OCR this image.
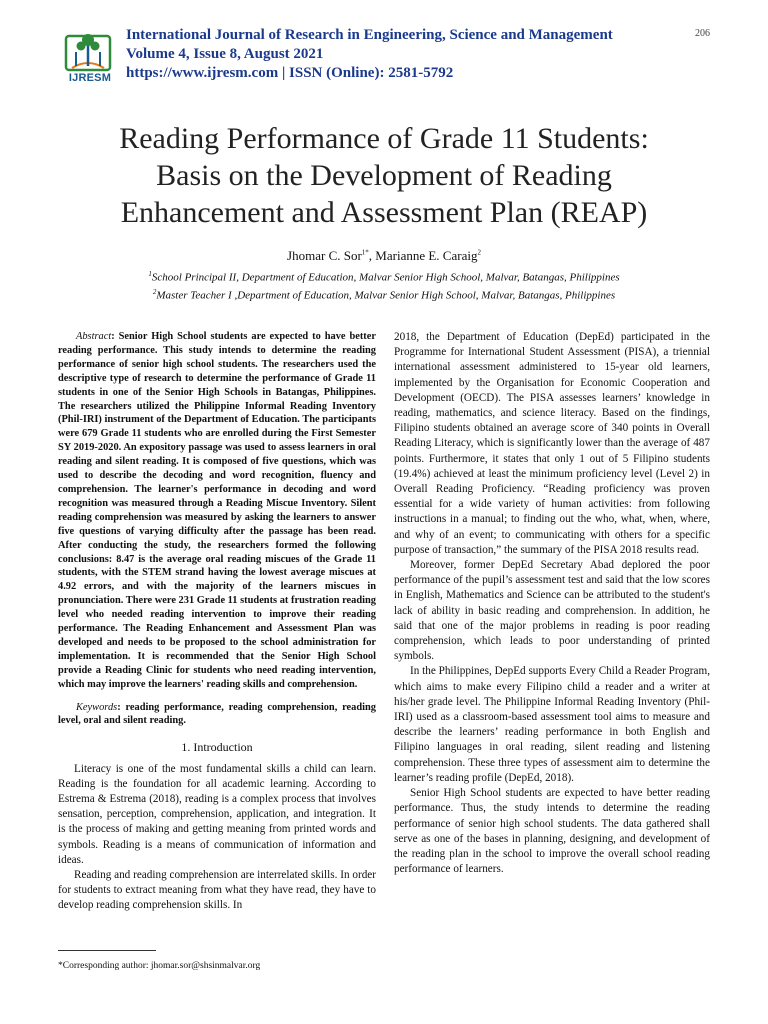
IJRESM
International Journal of Research in Engineering, Science and Management
Volume 4, Issue 8, August 2021
https://www.ijresm.com | ISSN (Online): 2581-5792
206
Reading Performance of Grade 11 Students:
Basis on the Development of Reading
Enhancement and Assessment Plan (REAP)
Jhomar C. Sor$^{1*}$, Marianne E. Caraig$^2$
$^1$School Principal II, Department of Education, Malvar Senior High School, Malvar, Batangas, Philippines
$^2$Master Teacher I ,Department of Education, Malvar Senior High School, Malvar, Batangas, Philippines

Abstract: Senior High School students are expected to have better reading performance. This study intends to determine the reading performance of senior high school students. The researchers used the descriptive type of research to determine the performance of Grade 11 students in one of the Senior High Schools in Batangas, Philippines. The researchers utilized the Philippine Informal Reading Inventory (Phil-IRI) instrument of the Department of Education. The participants were 679 Grade 11 students who are enrolled during the First Semester SY 2019-2020. An expository passage was used to assess learners in oral reading and silent reading. It is composed of five questions, which was used to describe the decoding and word recognition, fluency and comprehension. The learner's performance in decoding and word recognition was measured through a Reading Miscue Inventory. Silent reading comprehension was measured by asking the learners to answer five questions of varying difficulty after the passage has been read. After conducting the study, the researchers formed the following conclusions: 8.47 is the average oral reading miscues of the Grade 11 students, with the STEM strand having the lowest average miscues at 4.92 errors, and with the majority of the learners miscues in pronunciation. There were 231 Grade 11 students at frustration reading level who needed reading intervention to improve their reading performance. The Reading Enhancement and Assessment Plan was developed and needs to be proposed to the school administration for implementation. It is recommended that the Senior High School provide a Reading Clinic for students who need reading intervention, which may improve the learners' reading skills and comprehension.

Keywords: reading performance, reading comprehension, reading level, oral and silent reading.

1. Introduction

Literacy is one of the most fundamental skills a child can learn. Reading is the foundation for all academic learning. According to Estrema & Estrema (2018), reading is a complex process that involves sensation, perception, comprehension, application, and integration. It is the process of making and getting meaning from printed words and symbols. Reading is a means of communication of information and ideas.

Reading and reading comprehension are interrelated skills. In order for students to extract meaning from what they have read, they have to develop reading comprehension skills. In

2018, the Department of Education (DepEd) participated in the Programme for International Student Assessment (PISA), a triennial international assessment administered to 15-year old learners, implemented by the Organisation for Economic Cooperation and Development (OECD). The PISA assesses learners’ knowledge in reading, mathematics, and science literacy. Based on the findings, Filipino students obtained an average score of 340 points in Overall Reading Literacy, which is significantly lower than the average of 487 points. Furthermore, it states that only 1 out of 5 Filipino students (19.4%) achieved at least the minimum proficiency level (Level 2) in Overall Reading Proficiency. “Reading proficiency was proven essential for a wide variety of human activities: from following instructions in a manual; to finding out the who, what, when, where, and why of an event; to communicating with others for a specific purpose of transaction,” the summary of the PISA 2018 results read.

Moreover, former DepEd Secretary Abad deplored the poor performance of the pupil’s assessment test and said that the low scores in English, Mathematics and Science can be attributed to the student's lack of ability in basic reading and comprehension. In addition, he said that one of the major problems in reading is poor reading comprehension, which leads to poor understanding of printed symbols.

In the Philippines, DepEd supports Every Child a Reader Program, which aims to make every Filipino child a reader and a writer at his/her grade level. The Philippine Informal Reading Inventory (Phil-IRI) used as a classroom-based assessment tool aims to measure and describe the learners’ reading performance in both English and Filipino languages in oral reading, silent reading and listening comprehension. These three types of assessment aim to determine the learner’s reading profile (DepEd, 2018).

Senior High School students are expected to have better reading performance. Thus, the study intends to determine the reading performance of senior high school students. The data gathered shall serve as one of the bases in planning, designing, and development of the reading plan in the school to improve the overall school reading performance of learners.

*Corresponding author: jhomar.sor@shsinmalvar.org
